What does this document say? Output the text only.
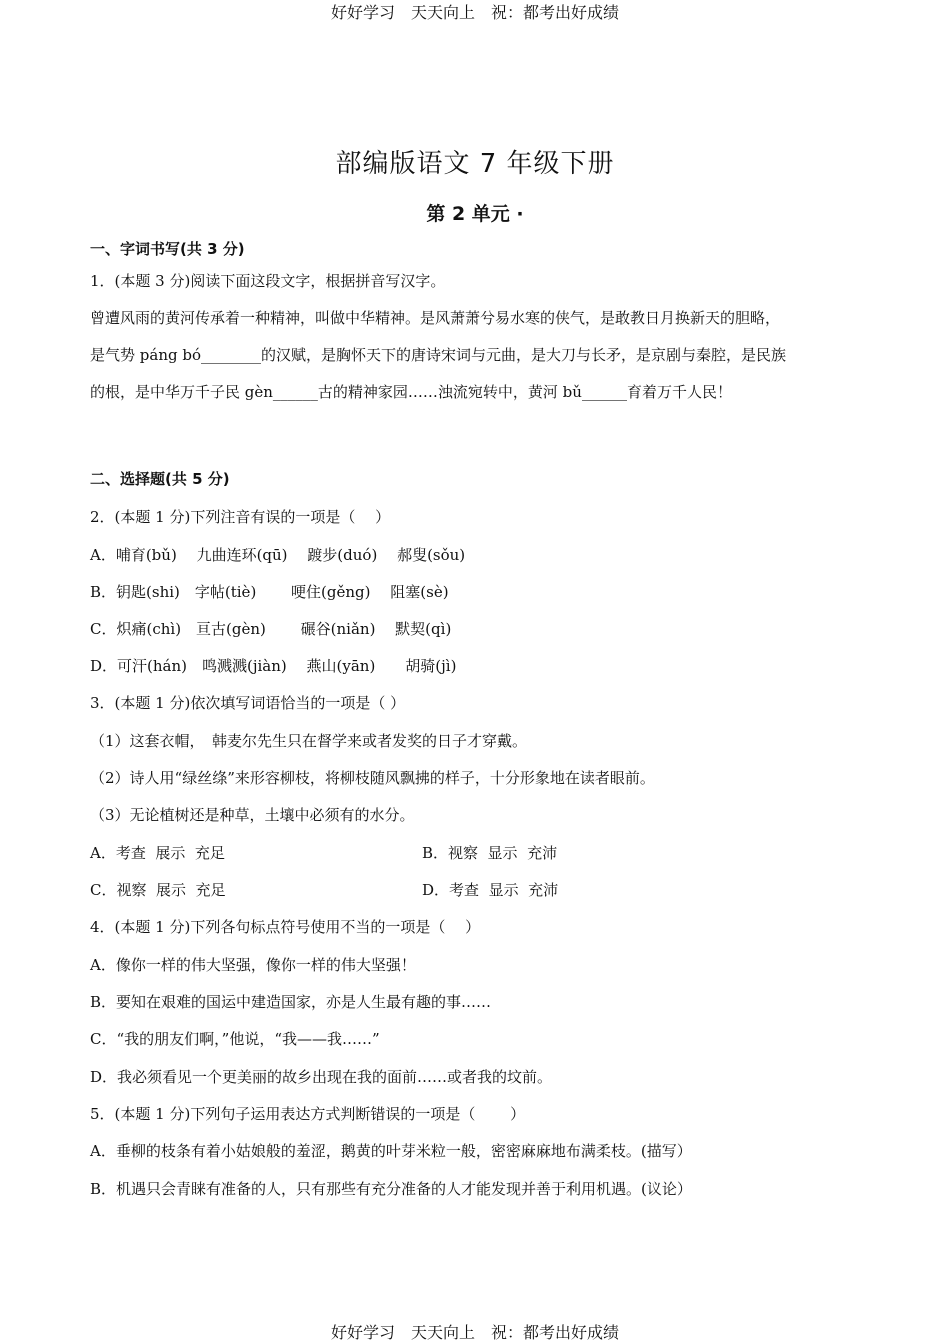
好好学习　天天向上　祝：都考出好成绩
部编版语文 7 年级下册
第 2 单元 ·
一、字词书写(共 3 分)
1．(本题 3 分)阅读下面这段文字，根据拼音写汉字。
曾遭风雨的黄河传承着一种精神，叫做中华精神。是风萧萧兮易水寒的侠气，是敢教日月换新天的胆略，
是气势 páng bó________的汉赋，是胸怀天下的唐诗宋词与元曲，是大刀与长矛，是京剧与秦腔，是民族
的根，是中华万千子民 gèn______古的精神家园……浊流宛转中，黄河 bǔ______育着万千人民！
二、选择题(共 5 分)
2．(本题 1 分)下列注音有误的一项是（　 ）
A．哺育(bǔ)　 九曲连环(qū)　 踱步(duó)　 郝叟(sǒu)
B．钥匙(shi)　字帖(tiè)　　 哽住(gěng)　 阻塞(sè)
C．炽痛(chì)　亘古(gèn)　　 碾谷(niǎn)　 默契(qì)
D．可汗(hán)　鸣溅溅(jiàn)　 燕山(yān)　　胡骑(jì)
3．(本题 1 分)依次填写词语恰当的一项是（ ）
（1）这套衣帽，　韩麦尔先生只在督学来或者发奖的日子才穿戴。
（2）诗人用“绿丝绦”来形容柳枝，将柳枝随风飘拂的样子，十分形象地在读者眼前。
（3）无论植树还是种草，土壤中必须有的水分。
A．考查  展示  充足	B．视察  显示  充沛
C．视察  展示  充足	D．考查  显示  充沛
4．(本题 1 分)下列各句标点符号使用不当的一项是（　 ）
A．像你一样的伟大坚强，像你一样的伟大坚强！
B．要知在艰难的国运中建造国家，亦是人生最有趣的事……
C．“我的朋友们啊，”他说，“我——我……”
D．我必须看见一个更美丽的故乡出现在我的面前……或者我的坟前。
5．(本题 1 分)下列句子运用表达方式判断错误的一项是（　　 ）
A．垂柳的枝条有着小姑娘般的羞涩，鹅黄的叶芽米粒一般，密密麻麻地布满柔枝。(描写）
B．机遇只会青睐有准备的人，只有那些有充分准备的人才能发现并善于利用机遇。(议论）
好好学习　天天向上　祝：都考出好成绩
